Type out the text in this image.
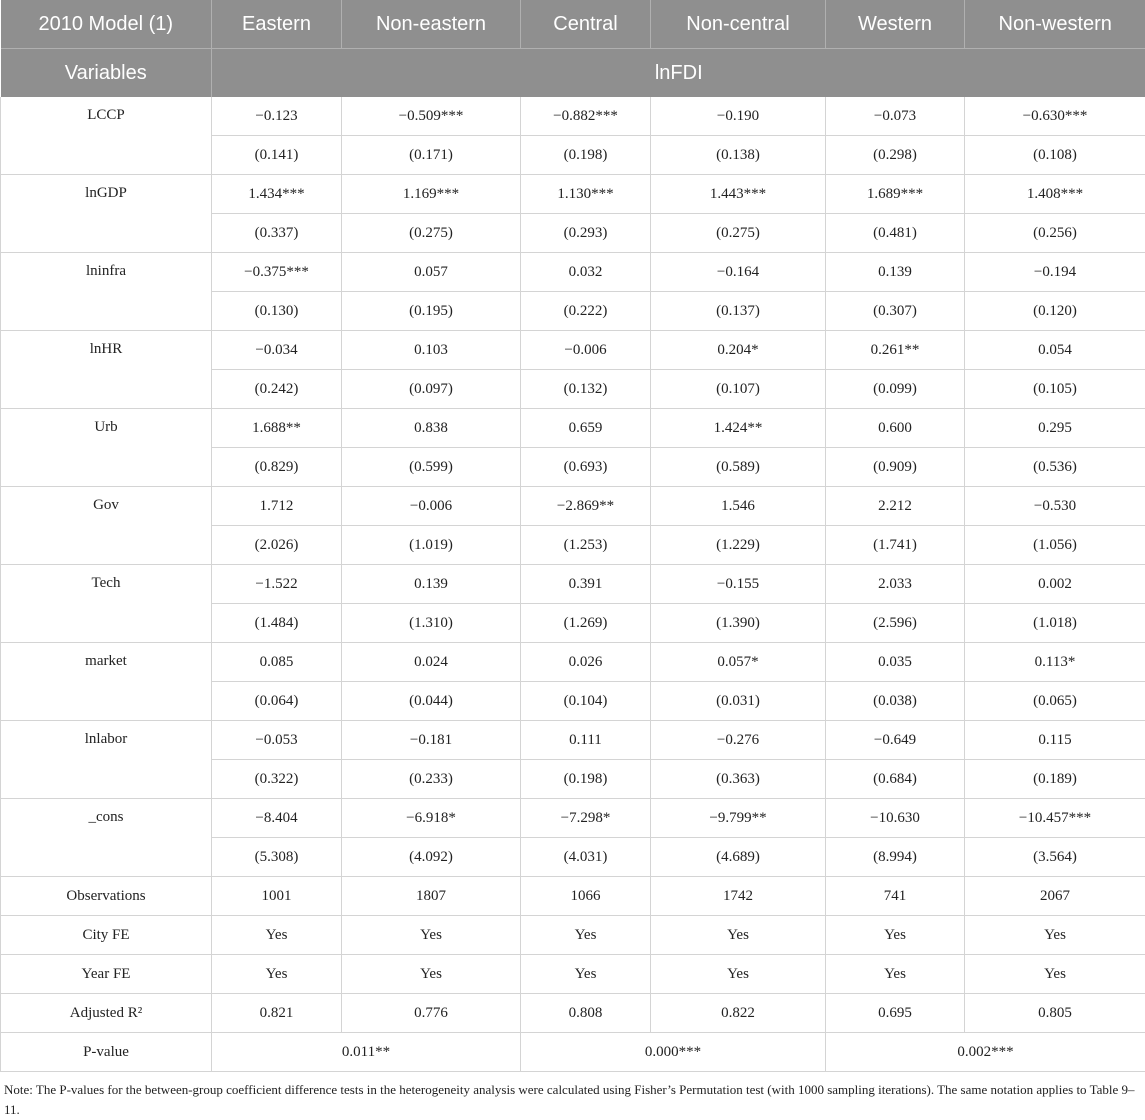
2010 Model (1)	Eastern	Non-eastern	Central	Non-central	Western	Non-western
Variables	lnFDI					
LCCP	−0.123	−0.509***	−0.882***	−0.190	−0.073	−0.630***
	(0.141)	(0.171)	(0.198)	(0.138)	(0.298)	(0.108)
lnGDP	1.434***	1.169***	1.130***	1.443***	1.689***	1.408***
	(0.337)	(0.275)	(0.293)	(0.275)	(0.481)	(0.256)
lninfra	−0.375***	0.057	0.032	−0.164	0.139	−0.194
	(0.130)	(0.195)	(0.222)	(0.137)	(0.307)	(0.120)
lnHR	−0.034	0.103	−0.006	0.204*	0.261**	0.054
	(0.242)	(0.097)	(0.132)	(0.107)	(0.099)	(0.105)
Urb	1.688**	0.838	0.659	1.424**	0.600	0.295
	(0.829)	(0.599)	(0.693)	(0.589)	(0.909)	(0.536)
Gov	1.712	−0.006	−2.869**	1.546	2.212	−0.530
	(2.026)	(1.019)	(1.253)	(1.229)	(1.741)	(1.056)
Tech	−1.522	0.139	0.391	−0.155	2.033	0.002
	(1.484)	(1.310)	(1.269)	(1.390)	(2.596)	(1.018)
market	0.085	0.024	0.026	0.057*	0.035	0.113*
	(0.064)	(0.044)	(0.104)	(0.031)	(0.038)	(0.065)
lnlabor	−0.053	−0.181	0.111	−0.276	−0.649	0.115
	(0.322)	(0.233)	(0.198)	(0.363)	(0.684)	(0.189)
_cons	−8.404	−6.918*	−7.298*	−9.799**	−10.630	−10.457***
	(5.308)	(4.092)	(4.031)	(4.689)	(8.994)	(3.564)
Observations	1001	1807	1066	1742	741	2067
City FE	Yes	Yes	Yes	Yes	Yes	Yes
Year FE	Yes	Yes	Yes	Yes	Yes	Yes
Adjusted R²	0.821	0.776	0.808	0.822	0.695	0.805
P-value	0.011**		0.000***		0.002***	
Note: The P-values for the between-group coefficient difference tests in the heterogeneity analysis were calculated using Fisher’s Permutation test (with 1000 sampling iterations). The same notation applies to Table 9–11.
